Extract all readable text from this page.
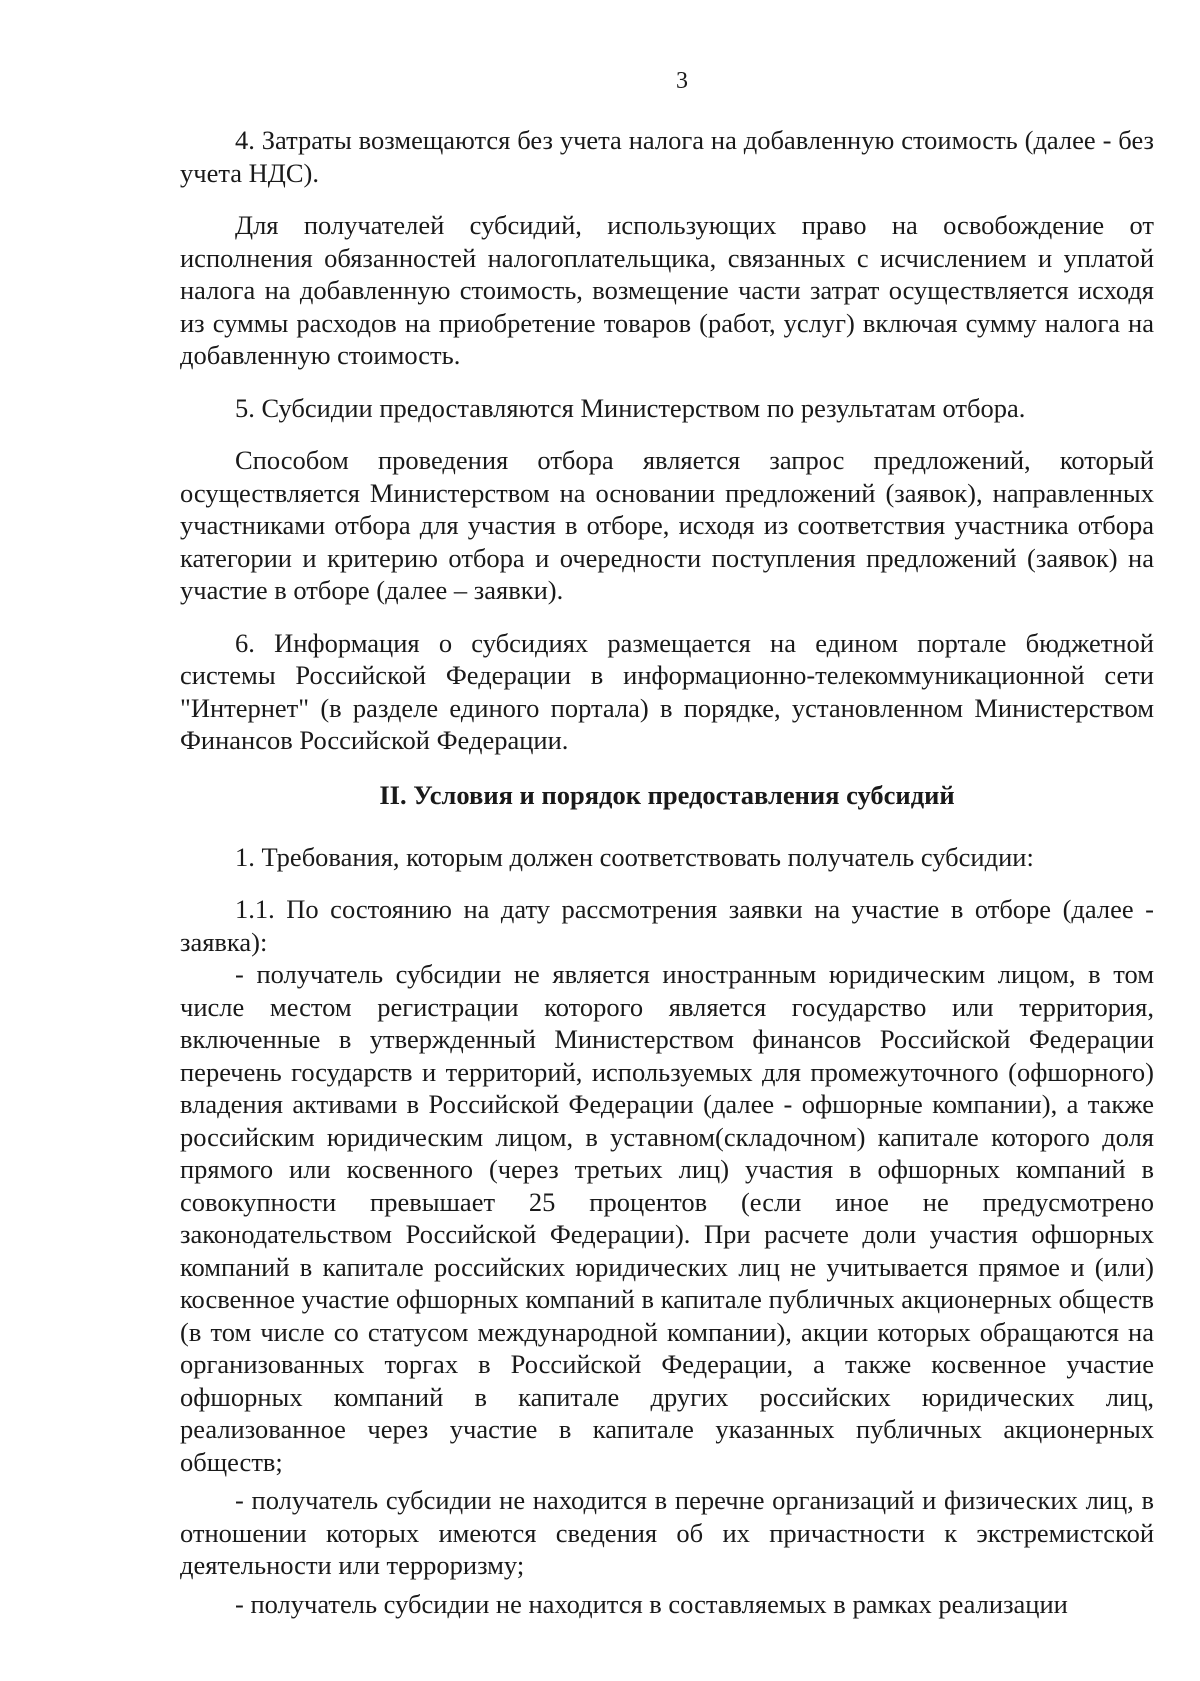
3

4. Затраты возмещаются без учета налога на добавленную стоимость (далее - без учета НДС).

Для получателей субсидий, использующих право на освобождение от исполнения обязанностей налогоплательщика, связанных с исчислением и уплатой налога на добавленную стоимость, возмещение части затрат осуществляется исходя из суммы расходов на приобретение товаров (работ, услуг) включая сумму налога на добавленную стоимость.

5. Субсидии предоставляются Министерством по результатам отбора.

Способом проведения отбора является запрос предложений, который осуществляется Министерством на основании предложений (заявок), направленных участниками отбора для участия в отборе, исходя из соответствия участника отбора категории и критерию отбора и очередности поступления предложений (заявок) на участие в отборе (далее – заявки).

6. Информация о субсидиях размещается на едином портале бюджетной системы Российской Федерации в информационно-телекоммуникационной сети "Интернет" (в разделе единого портала) в порядке, установленном Министерством Финансов Российской Федерации.

II. Условия и порядок предоставления субсидий

1. Требования, которым должен соответствовать получатель субсидии:

1.1. По состоянию на дату рассмотрения заявки на участие в отборе (далее - заявка):

- получатель субсидии не является иностранным юридическим лицом, в том числе местом регистрации которого является государство или территория, включенные в утвержденный Министерством финансов Российской Федерации перечень государств и территорий, используемых для промежуточного (офшорного) владения активами в Российской Федерации (далее - офшорные компании), а также российским юридическим лицом, в уставном(складочном) капитале которого доля прямого или косвенного (через третьих лиц) участия в офшорных компаний в совокупности превышает 25 процентов (если иное не предусмотрено законодательством Российской Федерации). При расчете доли участия офшорных компаний в капитале российских юридических лиц не учитывается прямое и (или) косвенное участие офшорных компаний в капитале публичных акционерных обществ (в том числе со статусом международной компании), акции которых обращаются на организованных торгах в Российской Федерации, а также косвенное участие офшорных компаний в капитале других российских юридических лиц, реализованное через участие в капитале указанных публичных акционерных обществ;

- получатель субсидии не находится в перечне организаций и физических лиц, в отношении которых имеются сведения об их причастности к экстремистской деятельности или терроризму;

- получатель субсидии не находится в составляемых в рамках реализации
